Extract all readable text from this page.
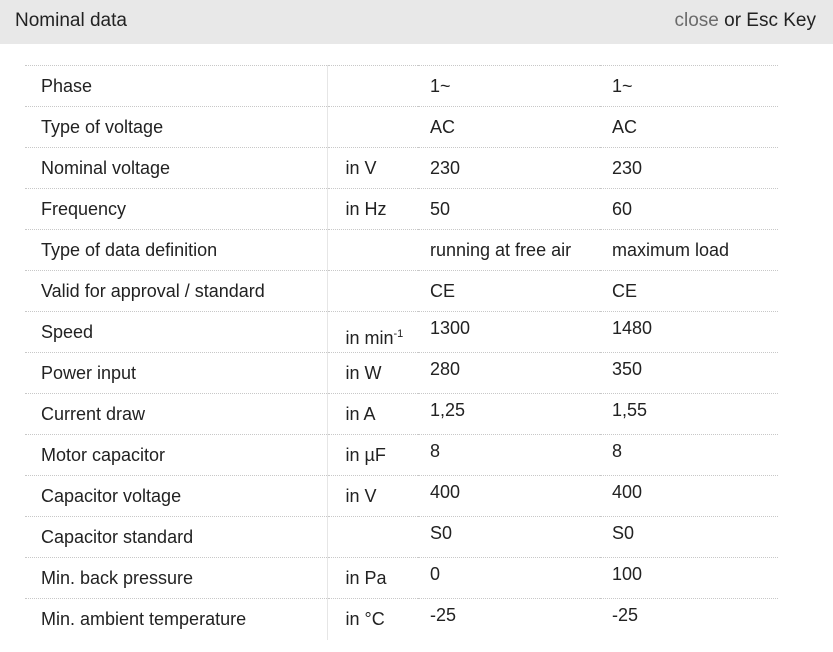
Nominal data	close or Esc Key
Phase		1~	1~
Type of voltage		AC	AC
Nominal voltage	in V	230	230
Frequency	in Hz	50	60
Type of data definition		running at free air	maximum load
Valid for approval / standard		CE	CE
Speed	in $\min^{-1}$	1300	1480
Power input	in W	280	350
Current draw	in A	1,25	1,55
Motor capacitor	in µF	8	8
Capacitor voltage	in V	400	400
Capacitor standard		S0	S0
Min. back pressure	in Pa	0	100
Min. ambient temperature	in °C	-25	-25
